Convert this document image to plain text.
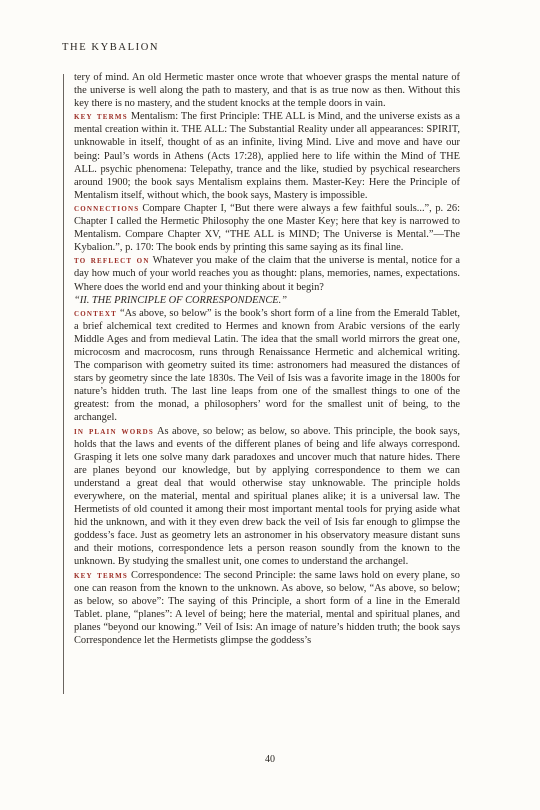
THE KYBALION

tery of mind. An old Hermetic master once wrote that whoever grasps the mental nature of the universe is well along the path to mastery, and that is as true now as then. Without this key there is no mastery, and the student knocks at the temple doors in vain.

key terms Mentalism: The first Principle: THE ALL is Mind, and the universe exists as a mental creation within it. THE ALL: The Substantial Reality under all appearances: SPIRIT, unknowable in itself, thought of as an infinite, living Mind. Live and move and have our being: Paul’s words in Athens (Acts 17:28), applied here to life within the Mind of THE ALL. psychic phenomena: Telepathy, trance and the like, studied by psychical researchers around 1900; the book says Mentalism explains them. Master-Key: Here the Principle of Mentalism itself, without which, the book says, Mastery is impossible.

connections Compare Chapter I, “But there were always a few faithful souls...”, p. 26: Chapter I called the Hermetic Philosophy the one Master Key; here that key is narrowed to Mentalism. Compare Chapter XV, “THE ALL is MIND; The Universe is Mental.”—The Kybalion.”, p. 170: The book ends by printing this same saying as its final line.

to reflect on Whatever you make of the claim that the universe is mental, notice for a day how much of your world reaches you as thought: plans, memories, names, expectations. Where does the world end and your thinking about it begin?

“II. THE PRINCIPLE OF CORRESPONDENCE.”

context “As above, so below” is the book’s short form of a line from the Emerald Tablet, a brief alchemical text credited to Hermes and known from Arabic versions of the early Middle Ages and from medieval Latin. The idea that the small world mirrors the great one, microcosm and macrocosm, runs through Renaissance Hermetic and alchemical writing. The comparison with geometry suited its time: astronomers had measured the distances of stars by geometry since the late 1830s. The Veil of Isis was a favorite image in the 1800s for nature’s hidden truth. The last line leaps from one of the smallest things to one of the greatest: from the monad, a philosophers’ word for the smallest unit of being, to the archangel.

in plain words As above, so below; as below, so above. This principle, the book says, holds that the laws and events of the different planes of being and life always correspond. Grasping it lets one solve many dark paradoxes and uncover much that nature hides. There are planes beyond our knowledge, but by applying correspondence to them we can understand a great deal that would otherwise stay unknowable. The principle holds everywhere, on the material, mental and spiritual planes alike; it is a universal law. The Hermetists of old counted it among their most important mental tools for prying aside what hid the unknown, and with it they even drew back the veil of Isis far enough to glimpse the goddess’s face. Just as geometry lets an astronomer in his observatory measure distant suns and their motions, correspondence lets a person reason soundly from the known to the unknown. By studying the smallest unit, one comes to understand the archangel.

key terms Correspondence: The second Principle: the same laws hold on every plane, so one can reason from the known to the unknown. As above, so below, “As above, so below; as below, so above”: The saying of this Principle, a short form of a line in the Emerald Tablet. plane, “planes”: A level of being; here the material, mental and spiritual planes, and planes “beyond our knowing.” Veil of Isis: An image of nature’s hidden truth; the book says Correspondence let the Hermetists glimpse the goddess’s

40
